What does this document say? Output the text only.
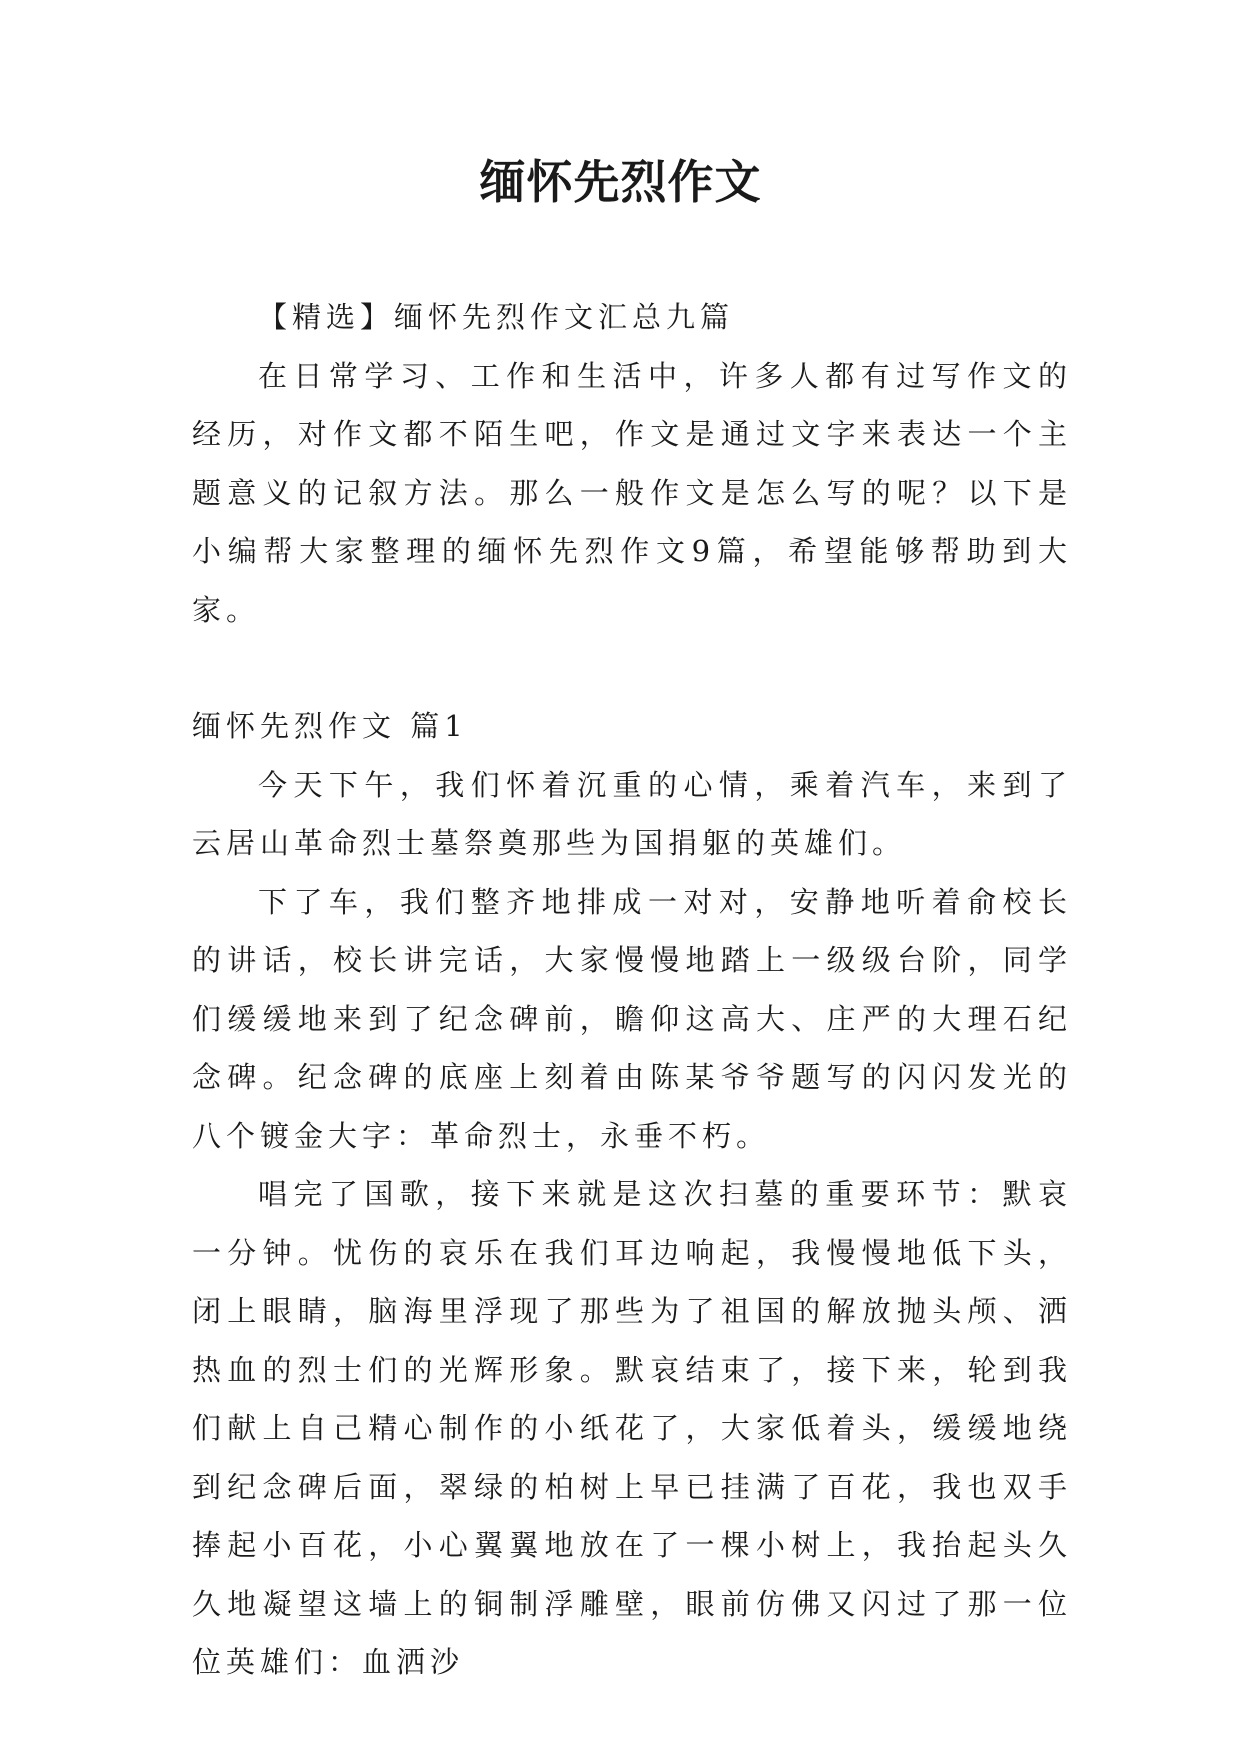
缅怀先烈作文

【精选】缅怀先烈作文汇总九篇

在日常学习、工作和生活中，许多人都有过写作文的经历，对作文都不陌生吧，作文是通过文字来表达一个主题意义的记叙方法。那么一般作文是怎么写的呢？以下是小编帮大家整理的缅怀先烈作文9篇，希望能够帮助到大家。

缅怀先烈作文 篇1

今天下午，我们怀着沉重的心情，乘着汽车，来到了云居山革命烈士墓祭奠那些为国捐躯的英雄们。

下了车，我们整齐地排成一对对，安静地听着俞校长的讲话，校长讲完话，大家慢慢地踏上一级级台阶，同学们缓缓地来到了纪念碑前，瞻仰这高大、庄严的大理石纪念碑。纪念碑的底座上刻着由陈某爷爷题写的闪闪发光的八个镀金大字：革命烈士，永垂不朽。

唱完了国歌，接下来就是这次扫墓的重要环节：默哀一分钟。忧伤的哀乐在我们耳边响起，我慢慢地低下头，闭上眼睛，脑海里浮现了那些为了祖国的解放抛头颅、洒热血的烈士们的光辉形象。默哀结束了，接下来，轮到我们献上自己精心制作的小纸花了，大家低着头，缓缓地绕到纪念碑后面，翠绿的柏树上早已挂满了百花，我也双手捧起小百花，小心翼翼地放在了一棵小树上，我抬起头久久地凝望这墙上的铜制浮雕壁，眼前仿佛又闪过了那一位位英雄们：血洒沙
